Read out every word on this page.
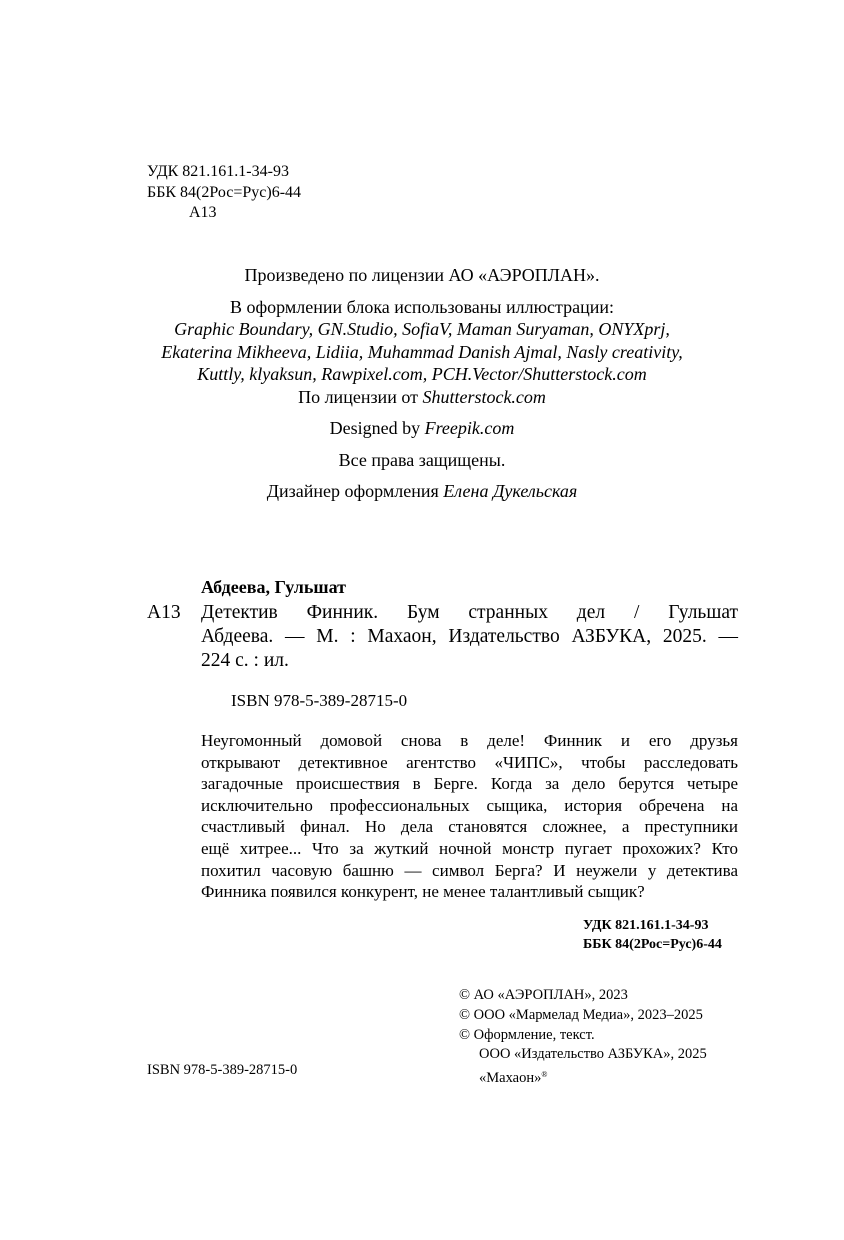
УДК 821.161.1-34-93
ББК 84(2Рос=Рус)6-44
А13

Произведено по лицензии АО «АЭРОПЛАН».

В оформлении блока использованы иллюстрации:

Graphic Boundary, GN.Studio, SofiaV, Maman Suryaman, ONYXprj,

Ekaterina Mikheeva, Lidiia, Muhammad Danish Ajmal, Nasly creativity,

Kuttly, klyaksun, Rawpixel.com, PCH.Vector/Shutterstock.com

По лицензии от Shutterstock.com

Designed by Freepik.com

Все права защищены.

Дизайнер оформления Елена Дукельская

Абдеева, Гульшат
А13 Детектив Финник. Бум странных дел / Гульшат
Абдеева. — М. : Махаон, Издательство АЗБУКА, 2025. —
224 с. : ил.
ISBN 978-5-389-28715-0
Неугомонный домовой снова в деле! Финник и его друзья
открывают детективное агентство «ЧИПС», чтобы расследовать
загадочные происшествия в Берге. Когда за дело берутся четыре
исключительно профессиональных сыщика, история обречена на
счастливый финал. Но дела становятся сложнее, а преступники
ещё хитрее... Что за жуткий ночной монстр пугает прохожих? Кто
похитил часовую башню — символ Берга? И неужели у детектива
Финника появился конкурент, не менее талантливый сыщик?
УДК 821.161.1-34-93
ББК 84(2Рос=Рус)6-44
© АО «АЭРОПЛАН», 2023
© ООО «Мармелад Медиа», 2023–2025
© Оформление, текст.
ООО «Издательство АЗБУКА», 2025
«Махаон»®
ISBN 978-5-389-28715-0
